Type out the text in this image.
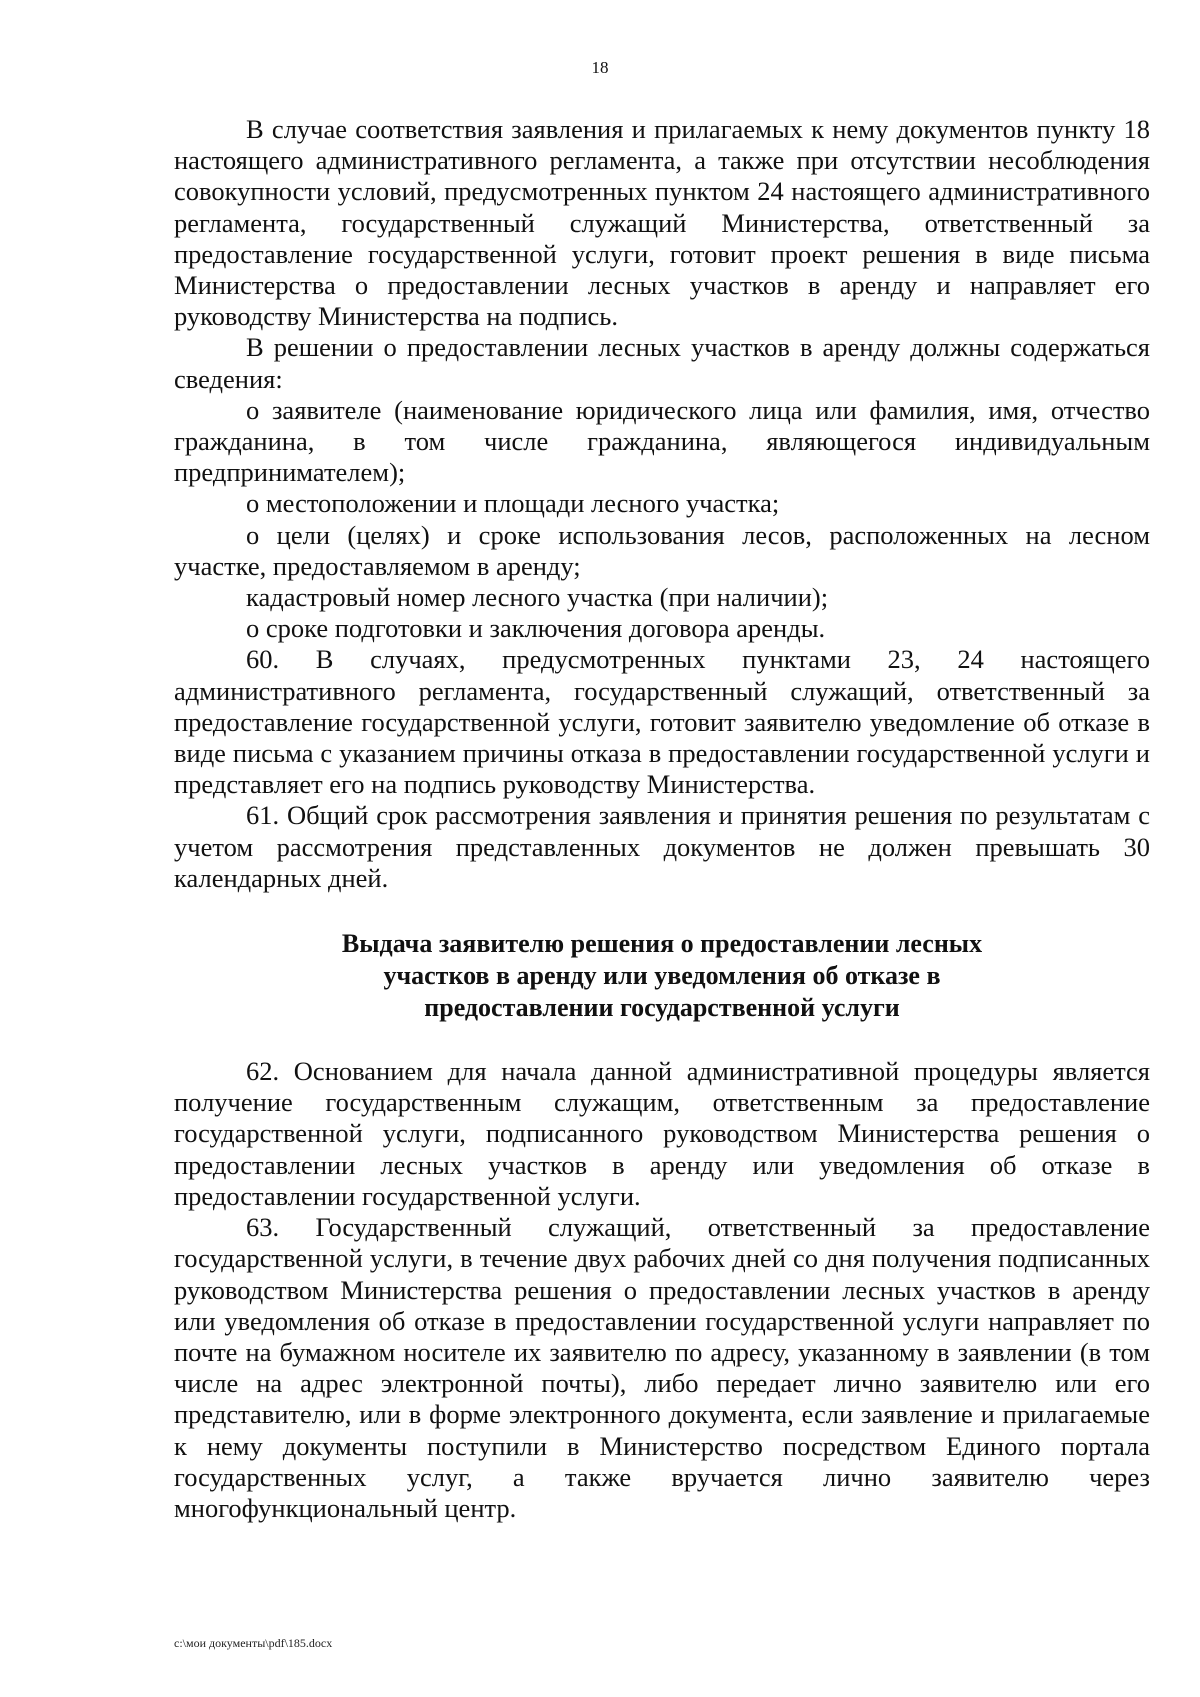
18

В случае соответствия заявления и прилагаемых к нему документов пункту 18 настоящего административного регламента, а также при отсутствии несоблюдения совокупности условий, предусмотренных пунктом 24 настоящего административного регламента, государственный служащий Министерства, ответственный за предоставление государственной услуги, готовит проект решения в виде письма Министерства о предоставлении лесных участков в аренду и направляет его руководству Министерства на подпись.

В решении о предоставлении лесных участков в аренду должны содержаться сведения:

о заявителе (наименование юридического лица или фамилия, имя, отчество гражданина, в том числе гражданина, являющегося индивидуальным предпринимателем);

о местоположении и площади лесного участка;

о цели (целях) и сроке использования лесов, расположенных на лесном участке, предоставляемом в аренду;

кадастровый номер лесного участка (при наличии);

о сроке подготовки и заключения договора аренды.

60. В случаях, предусмотренных пунктами 23, 24 настоящего административного регламента, государственный служащий, ответственный за предоставление государственной услуги, готовит заявителю уведомление об отказе в виде письма с указанием причины отказа в предоставлении государственной услуги и представляет его на подпись руководству Министерства.

61. Общий срок рассмотрения заявления и принятия решения по результатам с учетом рассмотрения представленных документов не должен превышать 30 календарных дней.

Выдача заявителю решения о предоставлении лесных
участков в аренду или уведомления об отказе в
предоставлении государственной услуги

62. Основанием для начала данной административной процедуры является получение государственным служащим, ответственным за предоставление государственной услуги, подписанного руководством Министерства решения о предоставлении лесных участков в аренду или уведомления об отказе в предоставлении государственной услуги.

63. Государственный служащий, ответственный за предоставление государственной услуги, в течение двух рабочих дней со дня получения подписанных руководством Министерства решения о предоставлении лесных участков в аренду или уведомления об отказе в предоставлении государственной услуги направляет по почте на бумажном носителе их заявителю по адресу, указанному в заявлении (в том числе на адрес электронной почты), либо передает лично заявителю или его представителю, или в форме электронного документа, если заявление и прилагаемые к нему документы поступили в Министерство посредством Единого портала государственных услуг, а также вручается лично заявителю через многофункциональный центр.

c:\мои документы\pdf\185.docx
